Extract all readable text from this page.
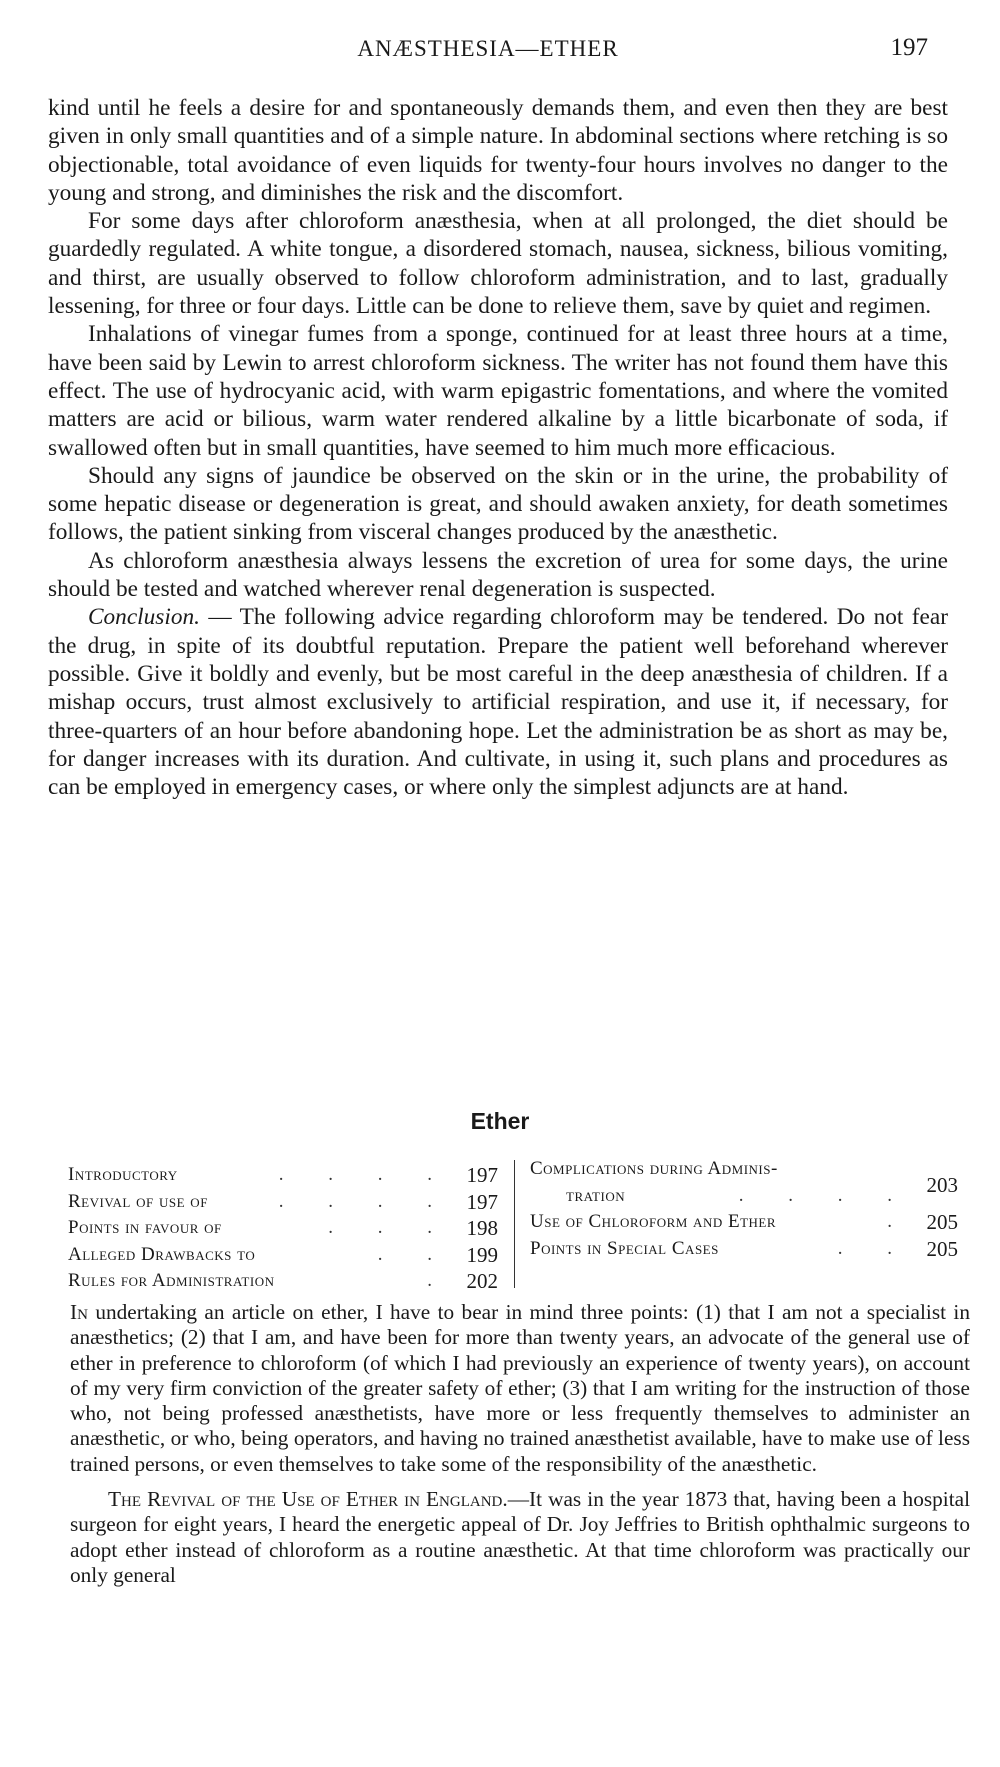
ANÆSTHESIA—ETHER	197

kind until he feels a desire for and spontaneously demands them, and even then they are best given in only small quantities and of a simple nature. In abdominal sections where retching is so objectionable, total avoidance of even liquids for twenty-four hours involves no danger to the young and strong, and diminishes the risk and the discomfort.

For some days after chloroform anæsthesia, when at all prolonged, the diet should be guardedly regulated. A white tongue, a disordered stomach, nausea, sickness, bilious vomiting, and thirst, are usually observed to follow chloroform administration, and to last, gradually lessening, for three or four days. Little can be done to relieve them, save by quiet and regimen.

Inhalations of vinegar fumes from a sponge, continued for at least three hours at a time, have been said by Lewin to arrest chloroform sickness. The writer has not found them have this effect. The use of hydrocyanic acid, with warm epigastric fomentations, and where the vomited matters are acid or bilious, warm water rendered alkaline by a little bicarbonate of soda, if swallowed often but in small quantities, have seemed to him much more efficacious.

Should any signs of jaundice be observed on the skin or in the urine, the probability of some hepatic disease or degeneration is great, and should awaken anxiety, for death sometimes follows, the patient sinking from visceral changes produced by the anæsthetic.

As chloroform anæsthesia always lessens the excretion of urea for some days, the urine should be tested and watched wherever renal degeneration is suspected.

Conclusion. — The following advice regarding chloroform may be tendered. Do not fear the drug, in spite of its doubtful reputation. Prepare the patient well beforehand wherever possible. Give it boldly and evenly, but be most careful in the deep anæsthesia of children. If a mishap occurs, trust almost exclusively to artificial respiration, and use it, if necessary, for three-quarters of an hour before abandoning hope. Let the administration be as short as may be, for danger increases with its duration. And cultivate, in using it, such plans and procedures as can be employed in emergency cases, or where only the simplest adjuncts are at hand.

Ether
Introductory	. . . . 197
Revival of use of	. . . . 197
Points in favour of	. . . 198
Alleged Drawbacks to	. . 199
Rules for Administration	. 202
Complications during Adminis-
tration	. . . . 203
Use of Chloroform and Ether	. 205
Points in Special Cases	. . 205

In undertaking an article on ether, I have to bear in mind three points: (1) that I am not a specialist in anæsthetics; (2) that I am, and have been for more than twenty years, an advocate of the general use of ether in preference to chloroform (of which I had previously an experience of twenty years), on account of my very firm conviction of the greater safety of ether; (3) that I am writing for the instruction of those who, not being professed anæsthetists, have more or less frequently themselves to administer an anæsthetic, or who, being operators, and having no trained anæsthetist available, have to make use of less trained persons, or even themselves to take some of the responsibility of the anæsthetic.

The Revival of the Use of Ether in England.—It was in the year 1873 that, having been a hospital surgeon for eight years, I heard the energetic appeal of Dr. Joy Jeffries to British ophthalmic surgeons to adopt ether instead of chloroform as a routine anæsthetic. At that time chloroform was practically our only general
